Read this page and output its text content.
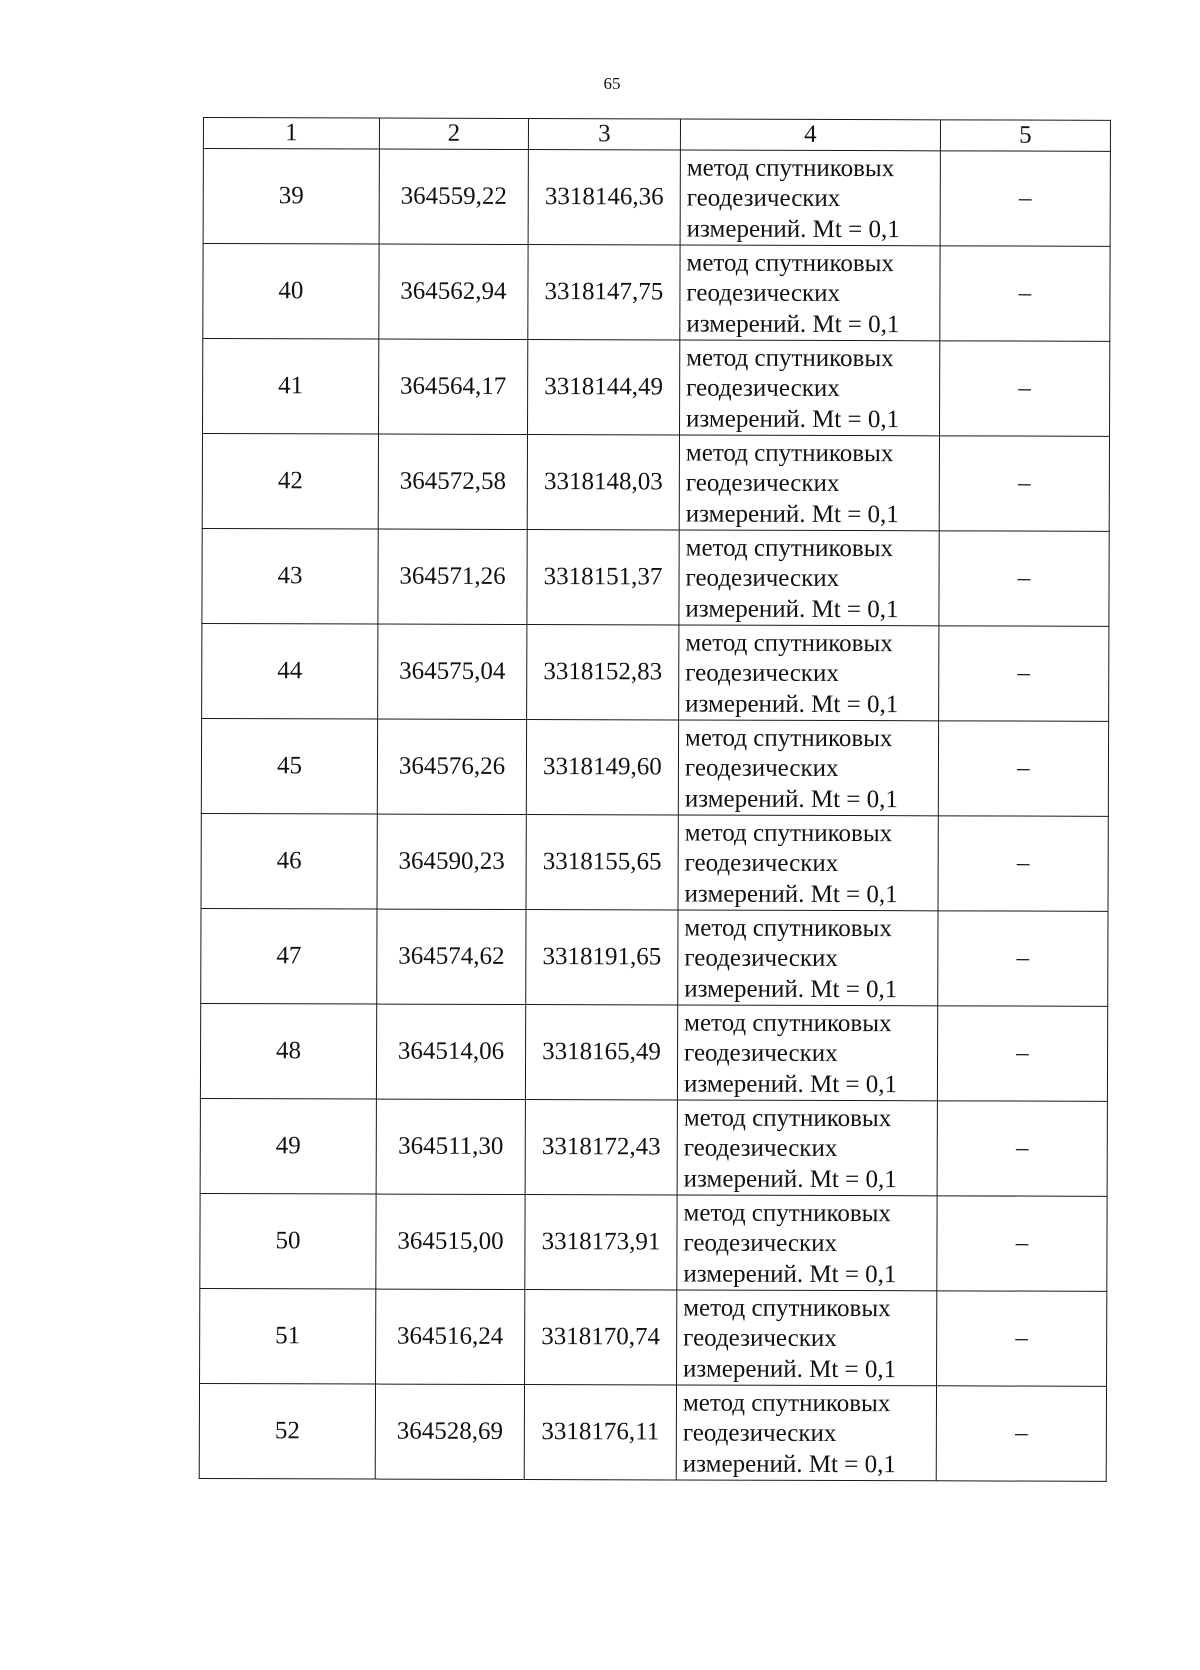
65
1	2	3	4	5
39	364559,22	3318146,36	метод спутниковых
геодезических
измерений. Mt = 0,1	–
40	364562,94	3318147,75	метод спутниковых
геодезических
измерений. Mt = 0,1	–
41	364564,17	3318144,49	метод спутниковых
геодезических
измерений. Mt = 0,1	–
42	364572,58	3318148,03	метод спутниковых
геодезических
измерений. Mt = 0,1	–
43	364571,26	3318151,37	метод спутниковых
геодезических
измерений. Mt = 0,1	–
44	364575,04	3318152,83	метод спутниковых
геодезических
измерений. Mt = 0,1	–
45	364576,26	3318149,60	метод спутниковых
геодезических
измерений. Mt = 0,1	–
46	364590,23	3318155,65	метод спутниковых
геодезических
измерений. Mt = 0,1	–
47	364574,62	3318191,65	метод спутниковых
геодезических
измерений. Mt = 0,1	–
48	364514,06	3318165,49	метод спутниковых
геодезических
измерений. Mt = 0,1	–
49	364511,30	3318172,43	метод спутниковых
геодезических
измерений. Mt = 0,1	–
50	364515,00	3318173,91	метод спутниковых
геодезических
измерений. Mt = 0,1	–
51	364516,24	3318170,74	метод спутниковых
геодезических
измерений. Mt = 0,1	–
52	364528,69	3318176,11	метод спутниковых
геодезических
измерений. Mt = 0,1	–
